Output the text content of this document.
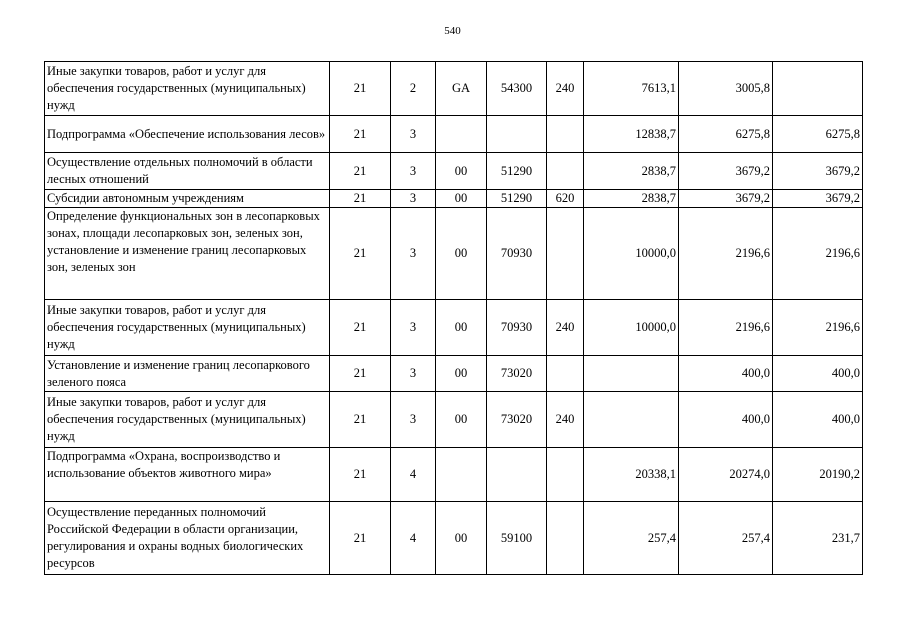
540
Иные закупки товаров, работ и услуг для обеспечения государственных (муниципальных) нужд	21	2	GA	54300	240	7613,1	3005,8	
Подпрограмма «Обеспечение использования лесов»	21	3				12838,7	6275,8	6275,8
Осуществление отдельных полномочий в области лесных отношений	21	3	00	51290		2838,7	3679,2	3679,2
Субсидии автономным учреждениям	21	3	00	51290	620	2838,7	3679,2	3679,2
Определение функциональных зон в лесопарковых зонах, площади лесопарковых зон, зеленых зон, установление и изменение границ лесопарковых зон, зеленых зон	21	3	00	70930		10000,0	2196,6	2196,6
Иные закупки товаров, работ и услуг для обеспечения государственных (муниципальных) нужд	21	3	00	70930	240	10000,0	2196,6	2196,6
Установление и изменение границ лесопаркового зеленого пояса	21	3	00	73020			400,0	400,0
Иные закупки товаров, работ и услуг для обеспечения государственных (муниципальных) нужд	21	3	00	73020	240		400,0	400,0
Подпрограмма «Охрана, воспроизводство и использование объектов животного мира»	21	4				20338,1	20274,0	20190,2
Осуществление переданных полномочий Российской Федерации в области организации, регулирования и охраны водных биологических ресурсов	21	4	00	59100		257,4	257,4	231,7
